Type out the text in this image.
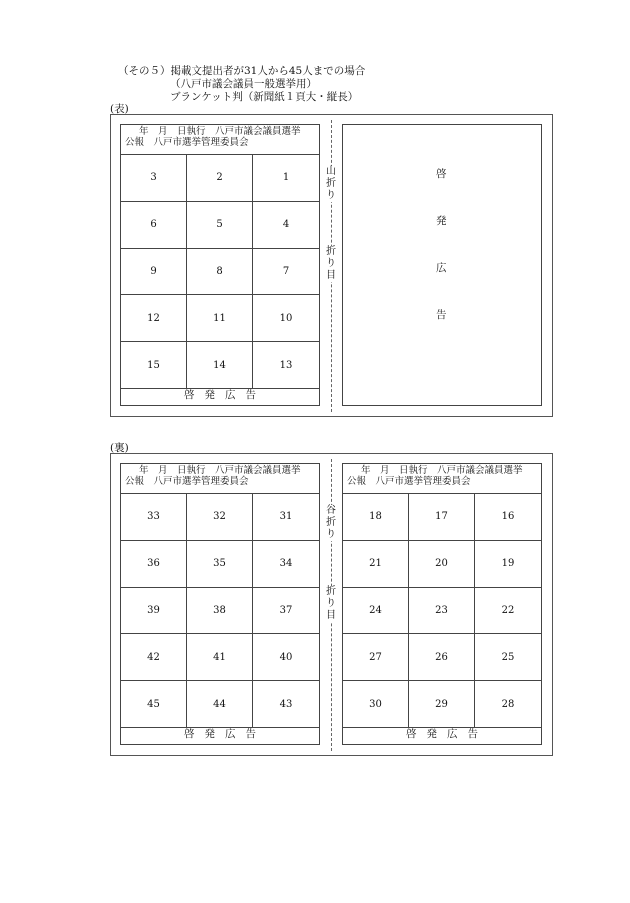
（その５）掲載文提出者が31人から45人までの場合
（八戸市議会議員一般選挙用）
ブランケット判（新聞紙１頁大・縦長）
(表)
年　月　日執行　八戸市議会議員選挙
公報　八戸市選挙管理委員会
3	2	1
6	5	4
9	8	7
12	11	10
15	14	13
啓 発 広 告
山
折
り
折
り
目
啓
発
広
告
(裏)
年　月　日執行　八戸市議会議員選挙
公報　八戸市選挙管理委員会
33	32	31
36	35	34
39	38	37
42	41	40
45	44	43
啓 発 広 告
谷
折
り
折
り
目
年　月　日執行　八戸市議会議員選挙
公報　八戸市選挙管理委員会
18	17	16
21	20	19
24	23	22
27	26	25
30	29	28
啓 発 広 告
